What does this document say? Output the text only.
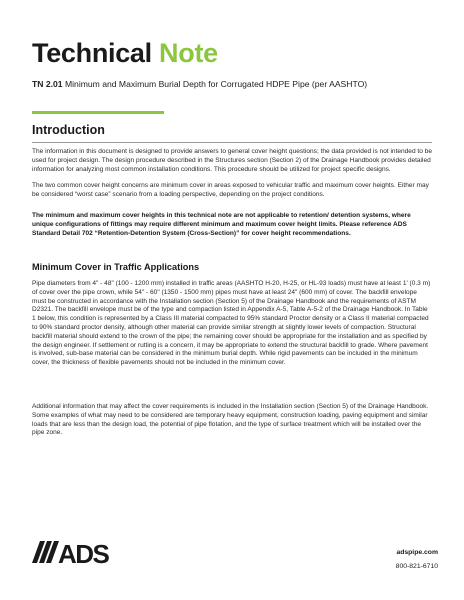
Technical Note
TN 2.01 Minimum and Maximum Burial Depth for Corrugated HDPE Pipe (per AASHTO)
Introduction

The information in this document is designed to provide answers to general cover height questions; the data provided is not intended to be used for project design. The design procedure described in the Structures section (Section 2) of the Drainage Handbook provides detailed information for analyzing most common installation conditions. This procedure should be utilized for project specific designs.

The two common cover height concerns are minimum cover in areas exposed to vehicular traffic and maximum cover heights. Either may be considered “worst case” scenario from a loading perspective, depending on the project conditions.

The minimum and maximum cover heights in this technical note are not applicable to retention/ detention systems, where unique configurations of fittings may require different minimum and maximum cover height limits. Please reference ADS Standard Detail 702 “Retention-Detention System (Cross-Section)” for cover height recommendations.

Minimum Cover in Traffic Applications

Pipe diameters from 4" - 48" (100 - 1200 mm) installed in traffic areas (AASHTO H-20, H-25, or HL-93 loads) must have at least 1' (0.3 m) of cover over the pipe crown, while 54" - 60" (1350 - 1500 mm) pipes must have at least 24" (600 mm) of cover. The backfill envelope must be constructed in accordance with the Installation section (Section 5) of the Drainage Handbook and the requirements of ASTM D2321. The backfill envelope must be of the type and compaction listed in Appendix A-5, Table A-5-2 of the Drainage Handbook. In Table 1 below, this condition is represented by a Class III material compacted to 95% standard Proctor density or a Class II material compacted to 90% standard proctor density, although other material can provide similar strength at slightly lower levels of compaction. Structural backfill material should extend to the crown of the pipe; the remaining cover should be appropriate for the installation and as specified by the design engineer. If settlement or rutting is a concern, it may be appropriate to extend the structural backfill to grade. Where pavement is involved, sub-base material can be considered in the minimum burial depth. While rigid pavements can be included in the minimum cover, the thickness of flexible pavements should not be included in the minimum cover.

Additional information that may affect the cover requirements is included in the Installation section (Section 5) of the Drainage Handbook. Some examples of what may need to be considered are temporary heavy equipment, construction loading, paving equipment and similar loads that are less than the design load, the potential of pipe flotation, and the type of surface treatment which will be installed over the pipe zone.

ADS	adspipe.com
800-821-6710
